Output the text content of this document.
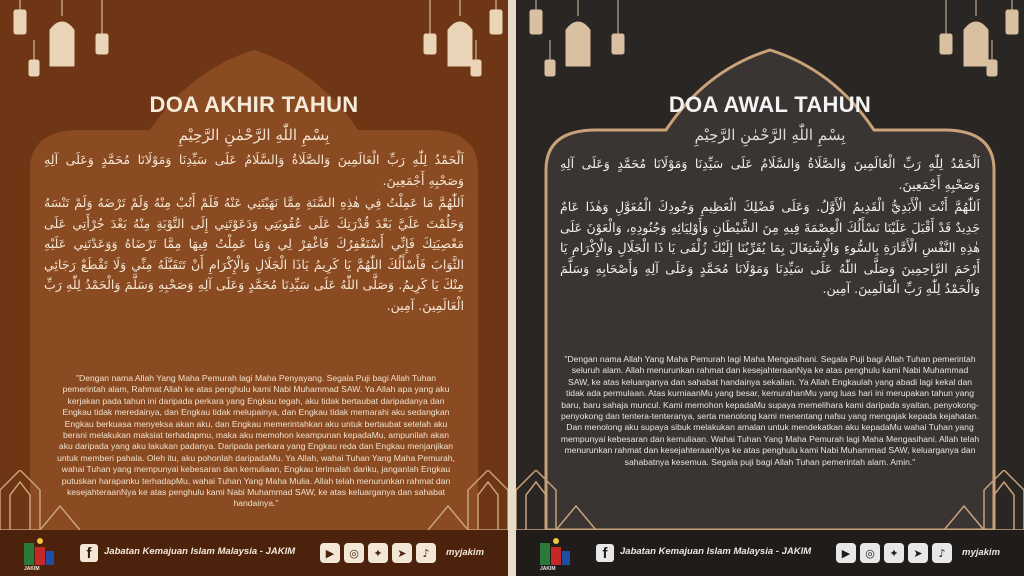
DOA AKHIR TAHUN
بِسْمِ اللّٰهِ الرَّحْمٰنِ الرَّحِيْمِ

اَلْحَمْدُ لِلّٰهِ رَبِّ الْعَالَمِينَ وَالصَّلَاةُ وَالسَّلَامُ عَلَى سَيِّدِنَا وَمَوْلَانَا مُحَمَّدٍ وَعَلَى آلِهِ وَصَحْبِهِ أَجْمَعِينَ.

اَللّٰهُمَّ مَا عَمِلْتُ فِي هٰذِهِ السَّنَةِ مِمَّا نَهَيْتَنِي عَنْهُ فَلَمْ أَتُبْ مِنْهُ وَلَمْ تَرْضَهُ وَلَمْ تَنْسَهُ وَحَلُمْتَ عَلَيَّ بَعْدَ قُدْرَتِكَ عَلَى عُقُوبَتِي وَدَعَوْتَنِي إِلَى التَّوْبَةِ مِنْهُ بَعْدَ جُرْأَتِي عَلَى مَعْصِيَتِكَ فَإِنِّي أَسْتَغْفِرُكَ فَاغْفِرْ لِي وَمَا عَمِلْتُ فِيهَا مِمَّا تَرْضَاهُ وَوَعَدْتَنِي عَلَيْهِ الثَّوَابَ فَأَسْأَلُكَ اللّٰهُمَّ يَا كَرِيمُ يَاذَا الْجَلَالِ وَالْإِكْرَامِ أَنْ تَتَقَبَّلَهُ مِنِّي وَلَا تَقْطَعْ رَجَائِي مِنْكَ يَا كَرِيمُ. وَصَلَّى اللّٰهُ عَلَى سَيِّدِنَا مُحَمَّدٍ وَعَلَى آلِهِ وَصَحْبِهِ وَسَلَّمَ وَالْحَمْدُ لِلّٰهِ رَبِّ الْعَالَمِينَ. آمِين.

"Dengan nama Allah Yang Maha Pemurah lagi Maha Penyayang. Segala Puji bagi Allah Tuhan pemerintah alam, Rahmat Allah ke atas penghulu kami Nabi Muhammad SAW. Ya Allah apa yang aku kerjakan pada tahun ini daripada perkara yang Engkau tegah, aku tidak bertaubat daripadanya dan Engkau tidak meredainya, dan Engkau tidak melupainya, dan Engkau tidak memarahi aku sedangkan Engkau berkuasa menyeksa akan aku, dan Engkau memerintahkan aku untuk bertaubat setelah aku berani melakukan maksiat terhadapmu, maka aku memohon keampunan kepadaMu, ampunilah akan aku daripada yang aku lakukan padanya. Daripada perkara yang Engkau reda dan Engkau menjanjikan untuk memberi pahala. Oleh itu, aku pohonlah daripadaMu. Ya Allah, wahai Tuhan Yang Maha Pemurah, wahai Tuhan yang mempunyai kebesaran dan kemuliaan, Engkau terimalah dariku, janganlah Engkau putuskan harapanku terhadapMu, wahai Tuhan Yang Maha Mulia. Allah telah menurunkan rahmat dan kesejahteraanNya ke atas penghulu kami Nabi Muhammad SAW, ke atas keluarganya dan sahabat handainya."
JAKIM
f	Jabatan Kemajuan Islam Malaysia - JAKIM	▶	◎	✦	➤	♪	myjakim
DOA AWAL TAHUN
بِسْمِ اللّٰهِ الرَّحْمٰنِ الرَّحِيْمِ

اَلْحَمْدُ لِلّٰهِ رَبِّ الْعَالَمِينَ وَالصَّلَاةُ وَالسَّلَامُ عَلَى سَيِّدِنَا وَمَوْلَانَا مُحَمَّدٍ وَعَلَى آلِهِ وَصَحْبِهِ أَجْمَعِينَ.

اَللّٰهُمَّ أَنْتَ الْأَبَدِيُّ الْقَدِيمُ الْأَوَّلُ. وَعَلَى فَضْلِكَ الْعَظِيمِ وَجُودِكَ الْمُعَوَّلِ وَهٰذَا عَامٌ جَدِيدٌ قَدْ أَقْبَلَ عَلَيْنَا نَسْأَلُكَ الْعِصْمَةَ فِيهِ مِنَ الشَّيْطَانِ وَأَوْلِيَائِهِ وَجُنُودِهِ، وَالْعَوْنَ عَلَى هٰذِهِ النَّفْسِ الْأَمَّارَةِ بِالسُّوءِ وَالْإِشْتِغَالَ بِمَا يُقَرِّبُنَا إِلَيْكَ زُلْفَى يَا ذَا الْجَلَالِ وَالْإِكْرَامِ يَا أَرْحَمَ الرَّاحِمِينَ وَصَلَّى اللّٰهُ عَلَى سَيِّدِنَا وَمَوْلَانَا مُحَمَّدٍ وَعَلَى آلِهِ وَأَصْحَابِهِ وَسَلَّمَ وَالْحَمْدُ لِلّٰهِ رَبِّ الْعَالَمِينَ. آمِين.

"Dengan nama Allah Yang Maha Pemurah lagi Maha Mengasihani. Segala Puji bagi Allah Tuhan pemerintah seluruh alam. Allah menurunkan rahmat dan kesejahteraanNya ke atas penghulu kami Nabi Muhammad SAW, ke atas keluarganya dan sahabat handainya sekalian. Ya Allah Engkaulah yang abadi lagi kekal dan tidak ada permulaan. Atas kurniaanMu yang besar, kemurahanMu yang luas hari ini merupakan tahun yang baru, baru sahaja muncul. Kami memohon kepadaMu supaya memelihara kami daripada syaitan, penyokong-penyokong dan tentera-tenteranya, serta menolong kami menentang nafsu yang mengajak kepada kejahatan. Dan menolong aku supaya sibuk melakukan amalan untuk mendekatkan aku kepadaMu wahai Tuhan yang mempunyai kebesaran dan kemuliaan. Wahai Tuhan Yang Maha Pemurah lagi Maha Mengasihani. Allah telah menurunkan rahmat dan kesejahteraanNya ke atas penghulu kami Nabi Muhammad SAW, keluarganya dan sahabatnya kesemua. Segala puji bagi Allah Tuhan pemerintah alam. Amin."
JAKIM
f	Jabatan Kemajuan Islam Malaysia - JAKIM	▶	◎	✦	➤	♪	myjakim
